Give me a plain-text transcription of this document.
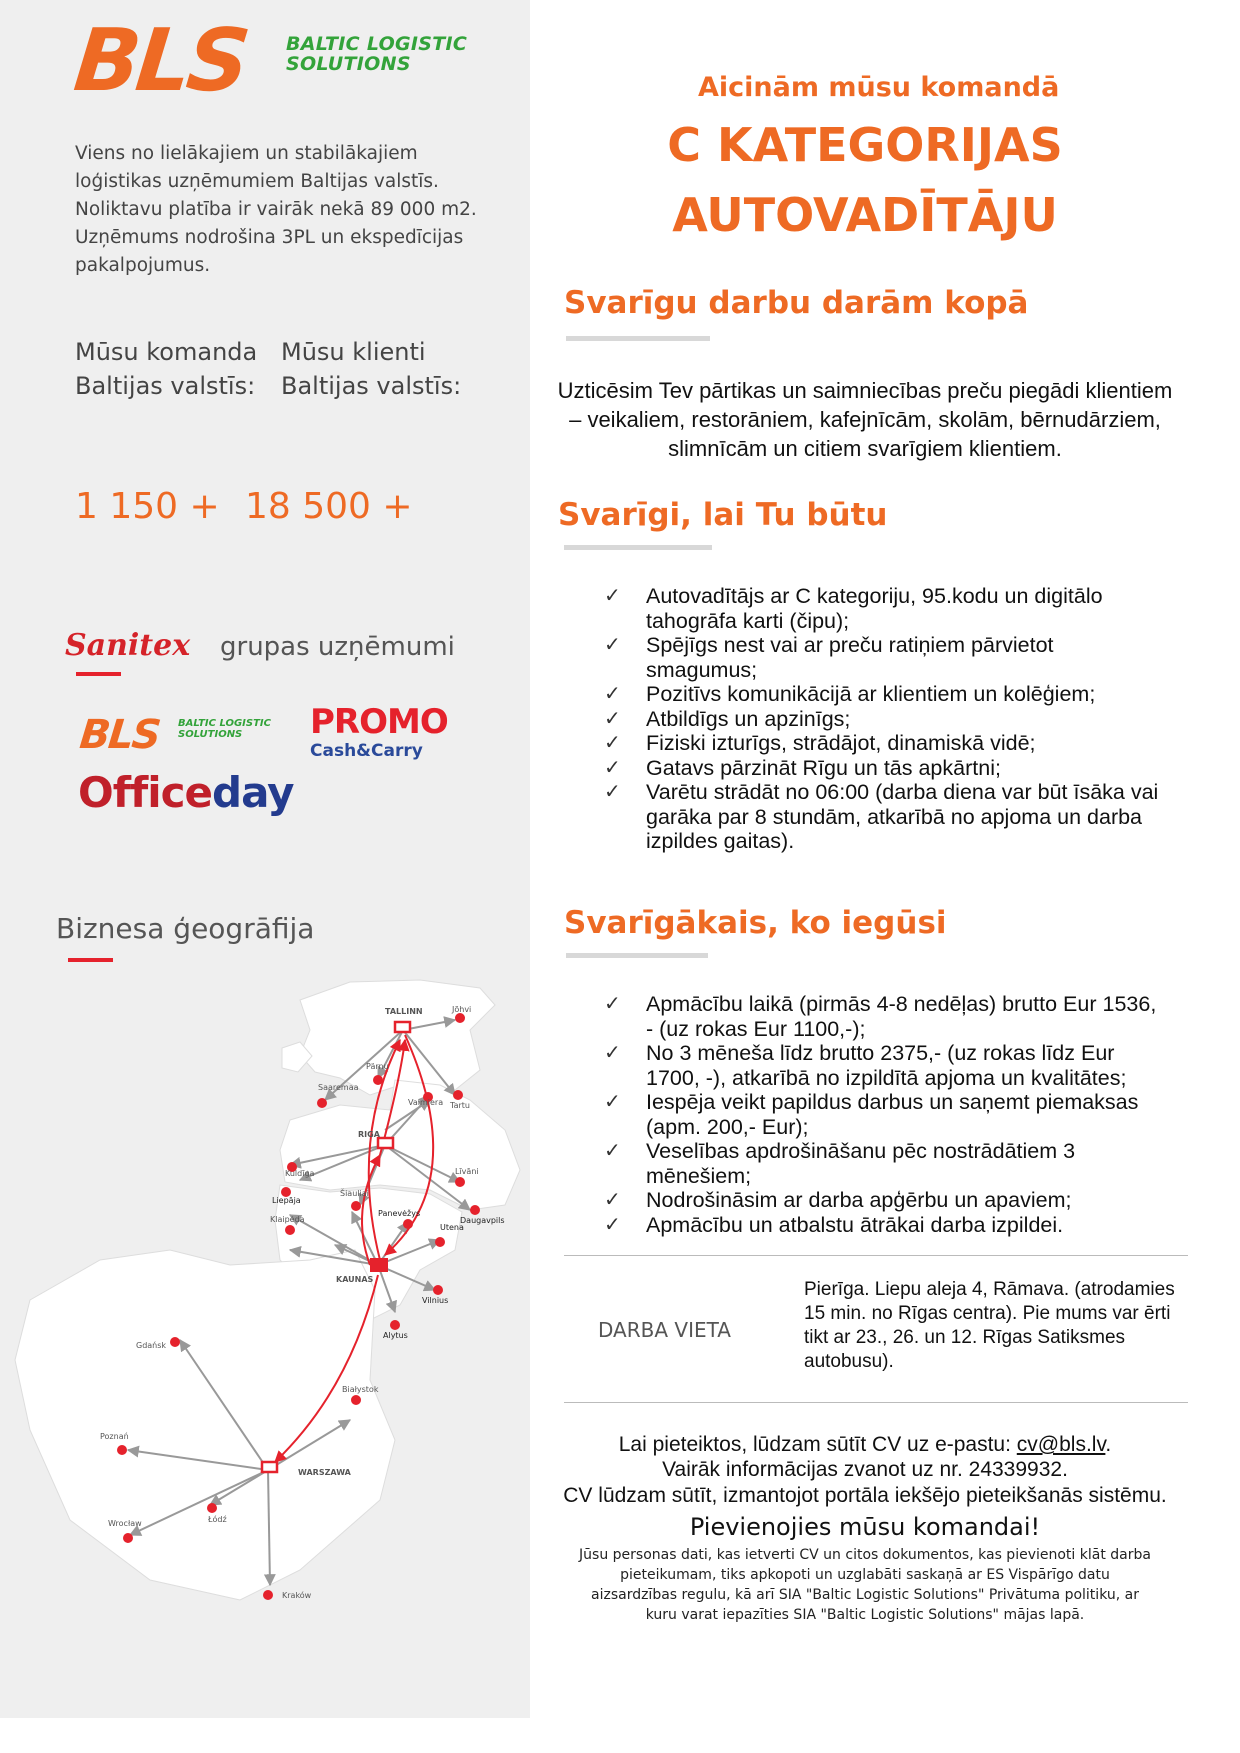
BLS BALTIC LOGISTIC
SOLUTIONS
Viens no lielākajiem un stabilākajiem loģistikas uzņēmumiem Baltijas valstīs. Noliktavu platība ir vairāk nekā 89 000 m2. Uzņēmums nodrošina 3PL un ekspedīcijas pakalpojumus.
Mūsu komanda
Baltijas valstīs:
Mūsu klienti
Baltijas valstīs:
1 150 + 18 500 +
Sanitex grupas uzņēmumi
BLS BALTIC LOGISTIC
SOLUTIONS	PROMO
Cash&Carry
Officeday
Biznesa ģeogrāfija
TALLINN
RIGA
KAUNAS
WARSZAWA
Jõhvi
Pärnu
Saaremaa
Tartu
Valmiera
Kuldīga
Liepāja
Šiauliai
Panevėžys
Līvāni
Daugavpils
Klaipėda
Utena
Vilnius
Alytus
Gdańsk
Białystok
Poznań
Łódź
Wrocław
Kraków
Aicinām mūsu komandā
C KATEGORIJAS
AUTOVADĪTĀJU
Svarīgu darbu darām kopā
Uzticēsim Tev pārtikas un saimniecības preču piegādi klientiem – veikaliem, restorāniem, kafejnīcām, skolām, bērnudārziem, slimnīcām un citiem svarīgiem klientiem.
Svarīgi, lai Tu būtu
✓ Autovadītājs ar C kategoriju, 95.kodu un digitālo tahogrāfa karti (čipu);
✓ Spējīgs nest vai ar preču ratiņiem pārvietot smagumus;
✓ Pozitīvs komunikācijā ar klientiem un kolēģiem;
✓ Atbildīgs un apzinīgs;
✓ Fiziski izturīgs, strādājot, dinamiskā vidē;
✓ Gatavs pārzināt Rīgu un tās apkārtni;
✓ Varētu strādāt no 06:00 (darba diena var būt īsāka vai garāka par 8 stundām, atkarībā no apjoma un darba izpildes gaitas).
Svarīgākais, ko iegūsi
✓ Apmācību laikā (pirmās 4-8 nedēļas) brutto Eur 1536, - (uz rokas Eur 1100,-);
✓ No 3 mēneša līdz brutto 2375,- (uz rokas līdz Eur 1700, -), atkarībā no izpildītā apjoma un kvalitātes;
✓ Iespēja veikt papildus darbus un saņemt piemaksas (apm. 200,- Eur);
✓ Veselības apdrošināšanu pēc nostrādātiem 3 mēnešiem;
✓ Nodrošināsim ar darba apģērbu un apaviem;
✓ Apmācību un atbalstu ātrākai darba izpildei.
DARBA VIETA
Pierīga. Liepu aleja 4, Rāmava. (atrodamies 15 min. no Rīgas centra). Pie mums var ērti tikt ar 23., 26. un 12. Rīgas Satiksmes autobusu).
Lai pieteiktos, lūdzam sūtīt CV uz e-pastu: cv@bls.lv.
Vairāk informācijas zvanot uz nr. 24339932.
CV lūdzam sūtīt, izmantojot portāla iekšējo pieteikšanās sistēmu.
Pievienojies mūsu komandai!
Jūsu personas dati, kas ietverti CV un citos dokumentos, kas pievienoti klāt darba pieteikumam, tiks apkopoti un uzglabāti saskaņā ar ES Vispārīgo datu aizsardzības regulu, kā arī SIA "Baltic Logistic Solutions" Privātuma politiku, ar kuru varat iepazīties SIA "Baltic Logistic Solutions" mājas lapā.
